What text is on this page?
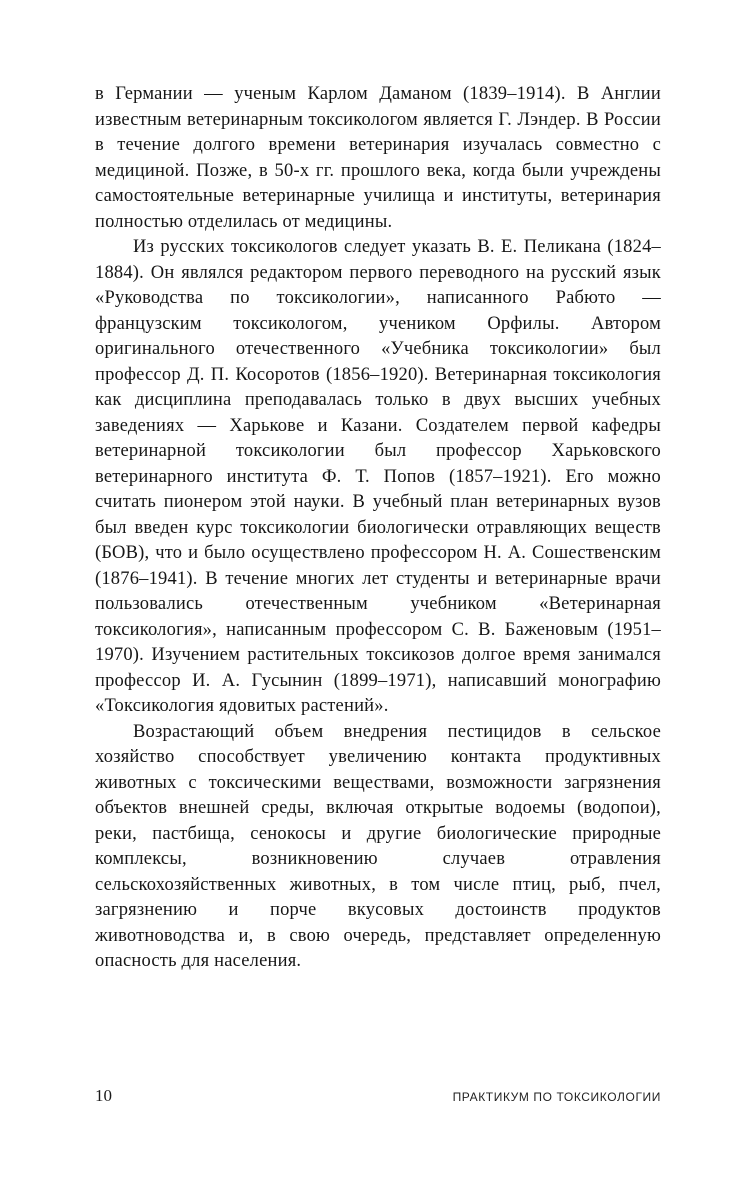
в Германии — ученым Карлом Даманом (1839–1914). В Англии известным ветеринарным токсикологом является Г. Лэндер. В России в течение долгого времени ветеринария изучалась совместно с медициной. Позже, в 50-х гг. прошлого века, когда были учреждены самостоятельные ветеринарные училища и институты, ветеринария полностью отделилась от медицины.

Из русских токсикологов следует указать В. Е. Пеликана (1824–1884). Он являлся редактором первого переводного на русский язык «Руководства по токсикологии», написанного Рабюто — французским токсикологом, учеником Орфилы. Автором оригинального отечественного «Учебника токсикологии» был профессор Д. П. Косоротов (1856–1920). Ветеринарная токсикология как дисциплина преподавалась только в двух высших учебных заведениях — Харькове и Казани. Создателем первой кафедры ветеринарной токсикологии был профессор Харьковского ветеринарного института Ф. Т. Попов (1857–1921). Его можно считать пионером этой науки. В учебный план ветеринарных вузов был введен курс токсикологии биологически отравляющих веществ (БОВ), что и было осуществлено профессором Н. А. Сошественским (1876–1941). В течение многих лет студенты и ветеринарные врачи пользовались отечественным учебником «Ветеринарная токсикология», написанным профессором С. В. Баженовым (1951–1970). Изучением растительных токсикозов долгое время занимался профессор И. А. Гусынин (1899–1971), написавший монографию «Токсикология ядовитых растений».

Возрастающий объем внедрения пестицидов в сельское хозяйство способствует увеличению контакта продуктивных животных с токсическими веществами, возможности загрязнения объектов внешней среды, включая открытые водоемы (водопои), реки, пастбища, сенокосы и другие биологические природные комплексы, возникновению случаев отравления сельскохозяйственных животных, в том числе птиц, рыб, пчел, загрязнению и порче вкусовых достоинств продуктов животноводства и, в свою очередь, представляет определенную опасность для населения.

10	ПРАКТИКУМ ПО ТОКСИКОЛОГИИ
